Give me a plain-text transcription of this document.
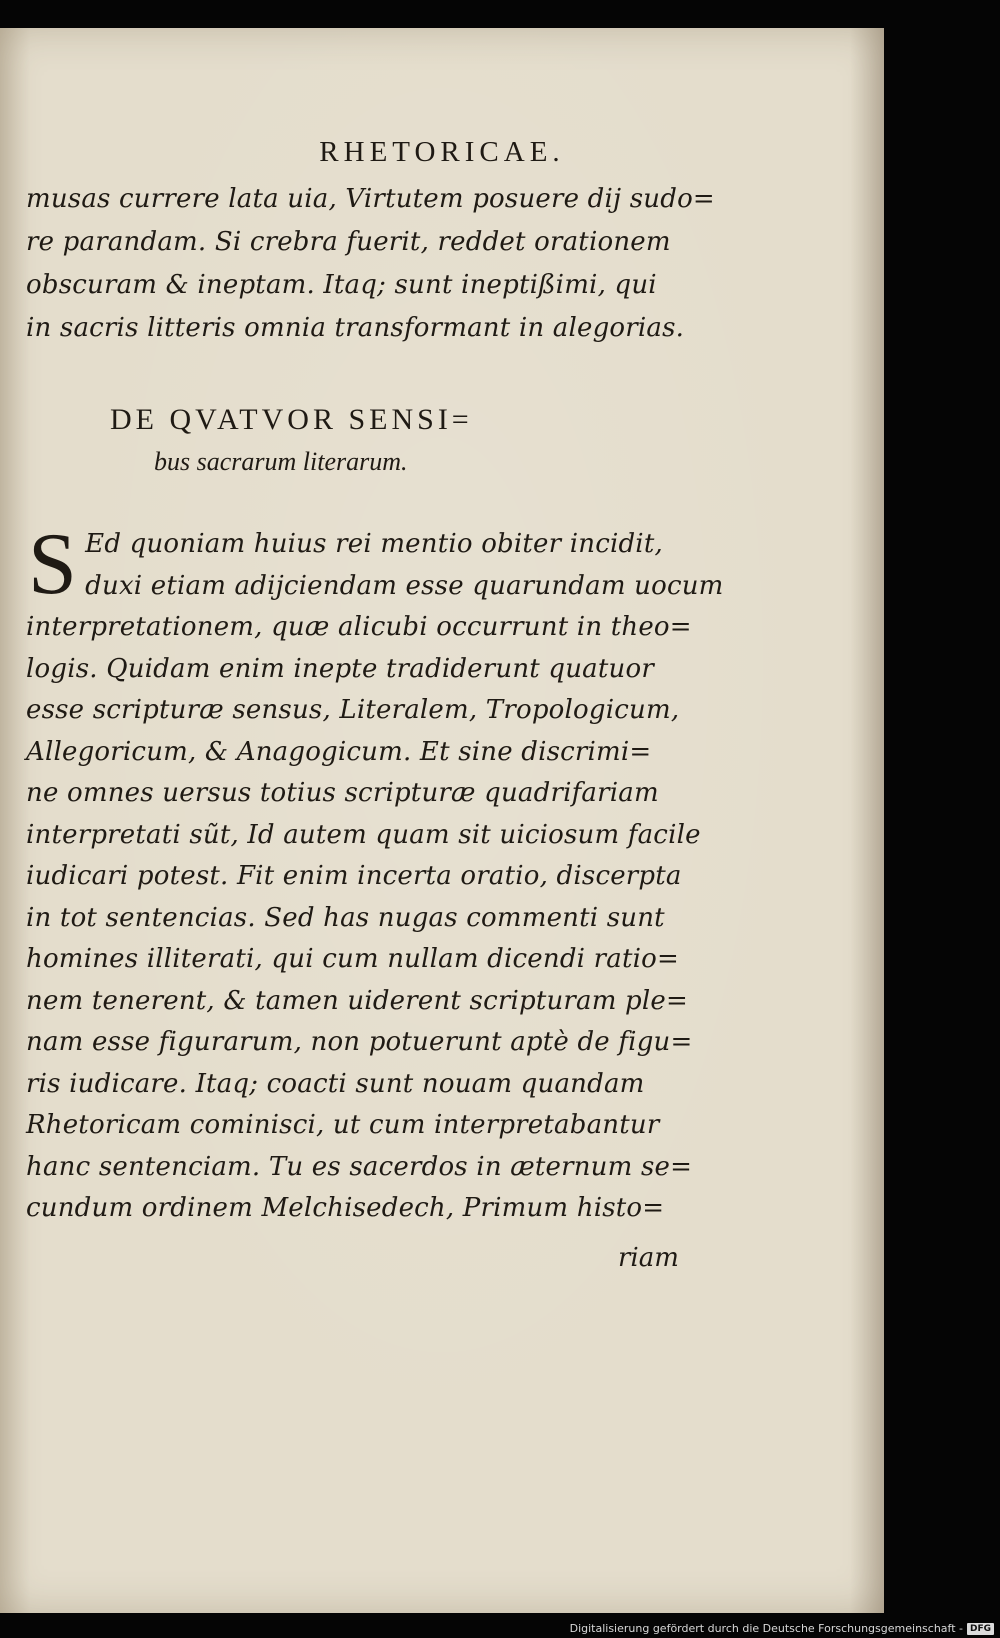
RHETORICAE.
musas currere lata uia, Virtutem posuere dij sudo=
re parandam. Si crebra fuerit, reddet orationem
obscuram & ineptam. Itaq; sunt ineptißimi, qui
in sacris litteris omnia transformant in alegorias.
DE QVATVOR SENSI=
bus sacrarum literarum.
S Ed quoniam huius rei mentio obiter incidit,
duxi etiam adijciendam esse quarundam uocum
interpretationem, quæ alicubi occurrunt in theo=
logis. Quidam enim inepte tradiderunt quatuor
esse scripturæ sensus, Literalem, Tropologicum,
Allegoricum, & Anagogicum. Et sine discrimi=
ne omnes uersus totius scripturæ quadrifariam
interpretati sũt, Id autem quam sit uiciosum facile
iudicari potest. Fit enim incerta oratio, discerpta
in tot sentencias. Sed has nugas commenti sunt
homines illiterati, qui cum nullam dicendi ratio=
nem tenerent, & tamen uiderent scripturam ple=
nam esse figurarum, non potuerunt aptè de figu=
ris iudicare. Itaq; coacti sunt nouam quandam
Rhetoricam cominisci, ut cum interpretabantur
hanc sentenciam. Tu es sacerdos in æternum se=
cundum ordinem Melchisedech, Primum histo=
riam
Digitalisierung gefördert durch die Deutsche Forschungsgemeinschaft - DFG
